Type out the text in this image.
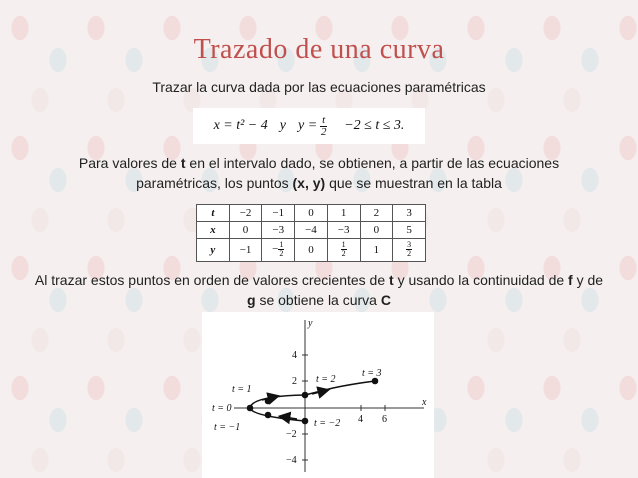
Trazado de una curva
Trazar la curva dada por las ecuaciones paramétricas
x = t² − 4 y $y = \frac{t}{2} -2 \le t \le 3$.
Para valores de t en el intervalo dado, se obtienen, a partir de las ecuaciones paramétricas, los puntos (x, y) que se muestran en la tabla
t	−2	−1	0	1	2	3
x	0	−3	−4	−3	0	5
y	−1	− $\frac{1}{2}$	0	$\frac{1}{2}$	1	$\frac{3}{2}$
Al trazar estos puntos en orden de valores crecientes de t y usando la continuidad de f y de g se obtiene la curva C
y
x
4
2
−2
−4
4 6
t = 1
t = 0
t = −1
t = 2
t = 3
t = −2
